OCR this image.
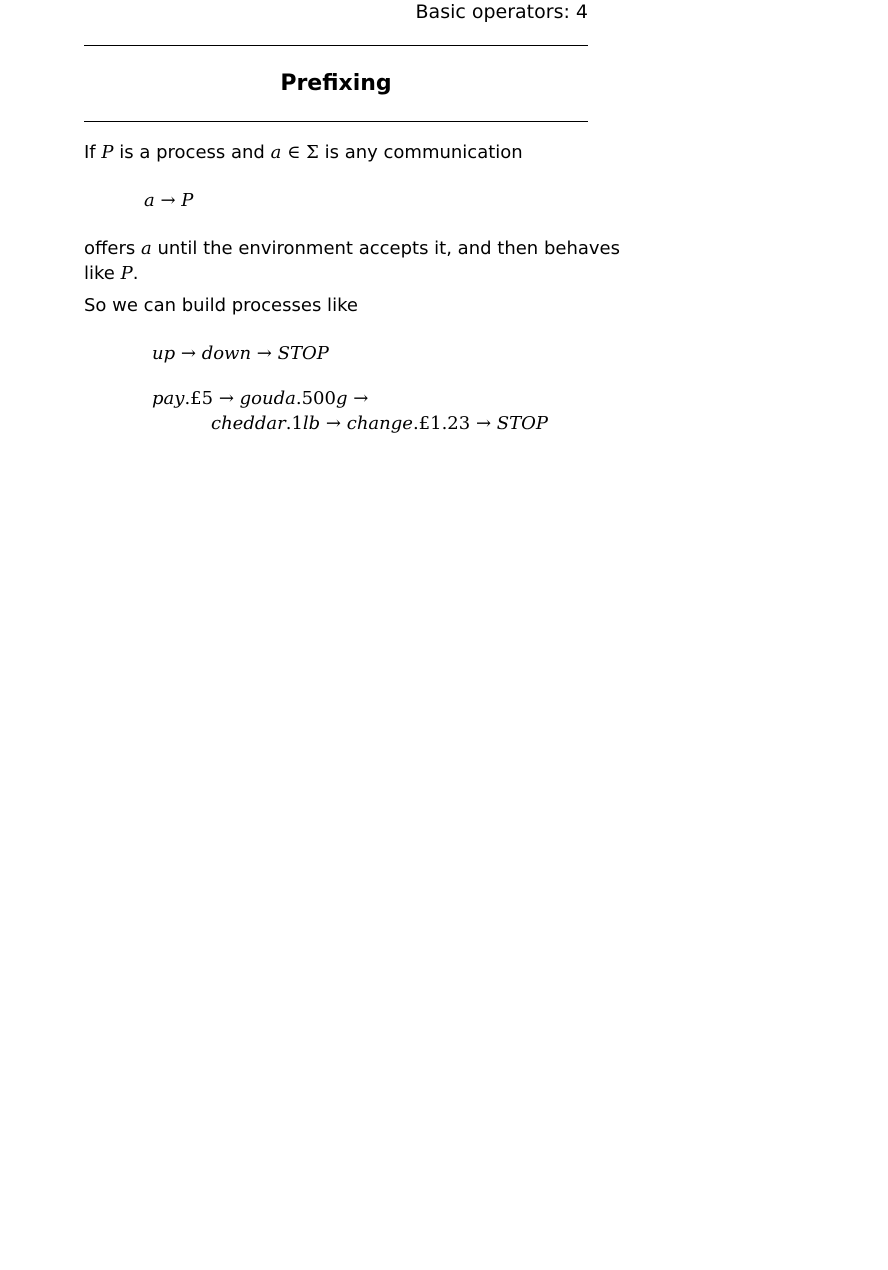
Basic operators: 4
Prefixing
If P is a process and a ∈ Σ is any communication
a → P
offers a until the environment accepts it, and then behaves
like P.
So we can build processes like
up → down → STOP
pay.£5 → gouda.500g →
cheddar.1lb → change.£1.23 → STOP
